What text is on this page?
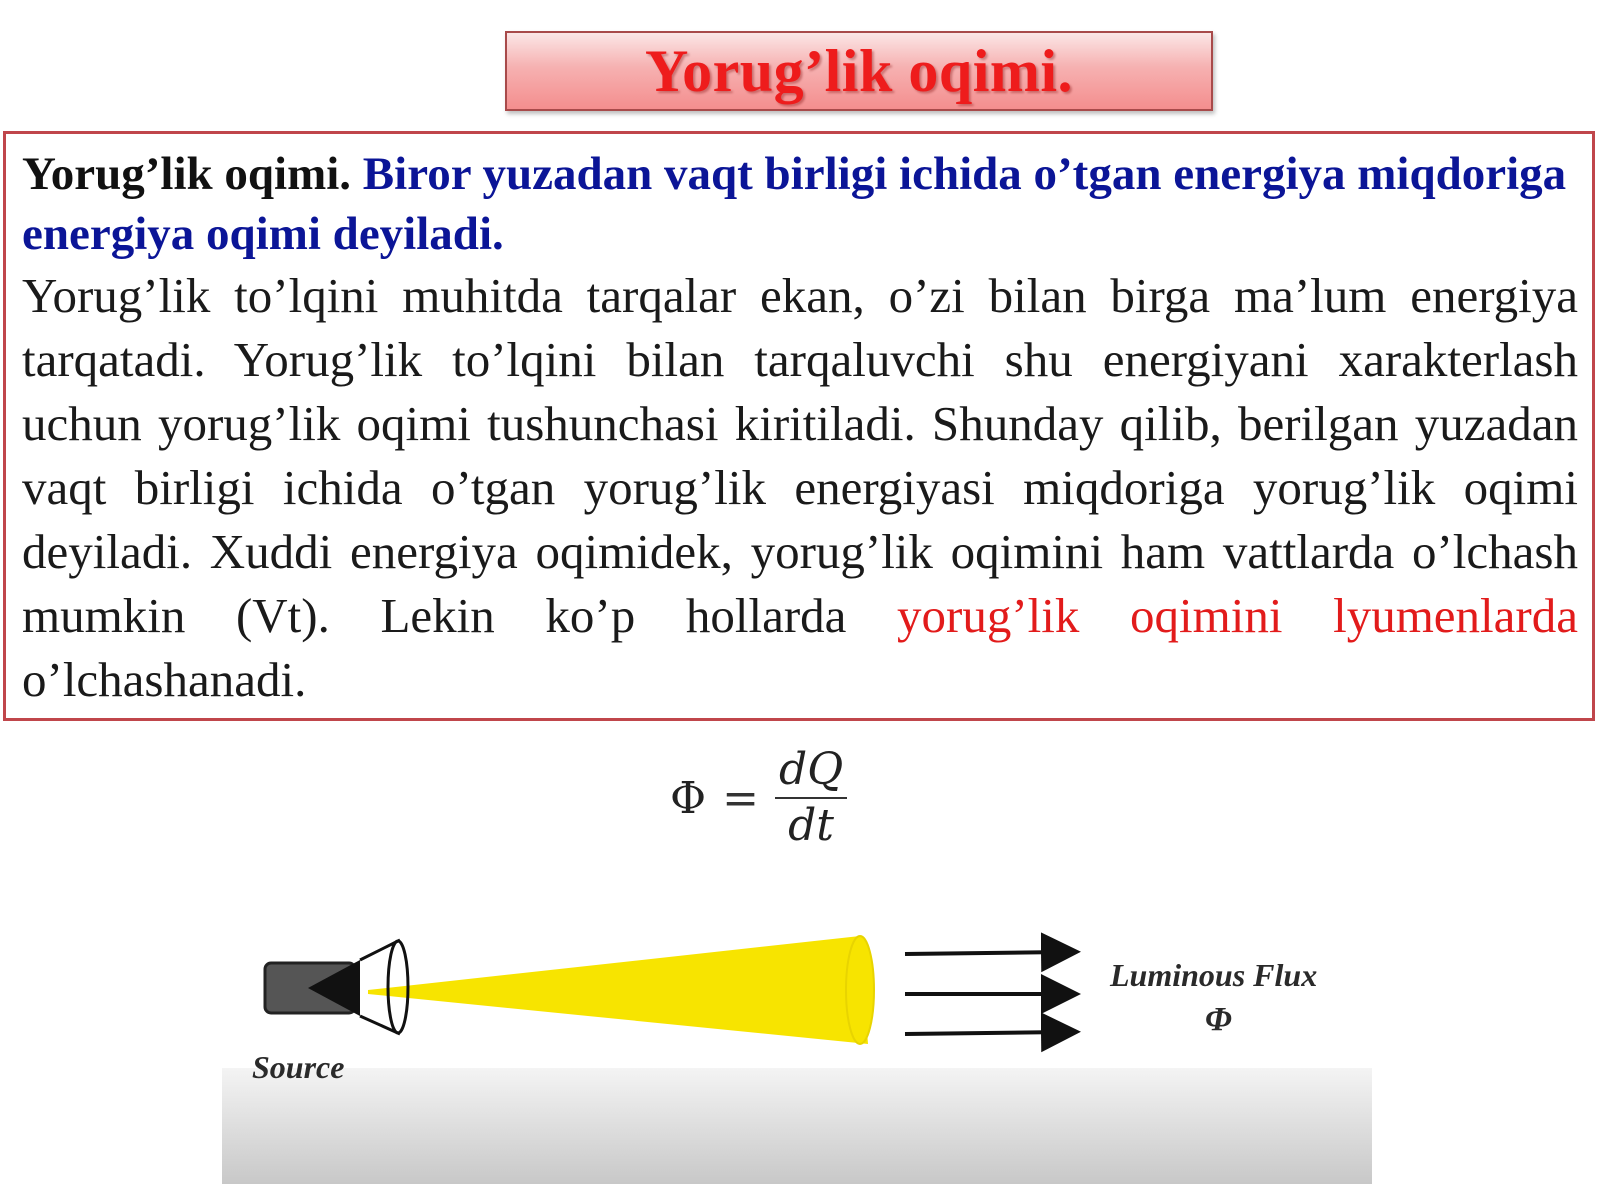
Yorug’lik oqimi.

Yorug’lik oqimi. Biror yuzadan vaqt birligi ichida o’tgan energiya miqdoriga energiya oqimi deyiladi.

Yorug’lik to’lqini muhitda tarqalar ekan, o’zi bilan birga ma’lum energiya tarqatadi. Yorug’lik to’lqini bilan tarqaluvchi shu energiyani xarakterlash uchun yorug’lik oqimi tushunchasi kiritiladi. Shunday qilib, berilgan yuzadan vaqt birligi ichida o’tgan yorug’lik energiyasi miqdoriga yorug’lik oqimi deyiladi. Xuddi energiya oqimidek, yorug’lik oqimini ham vattlarda o’lchash mumkin (Vt). Lekin ko’p hollarda yorug’lik oqimini lyumenlarda o’lchashanadi.

$\Phi = \frac{dQ}{dt}$
Source
Luminous Flux
Φ
